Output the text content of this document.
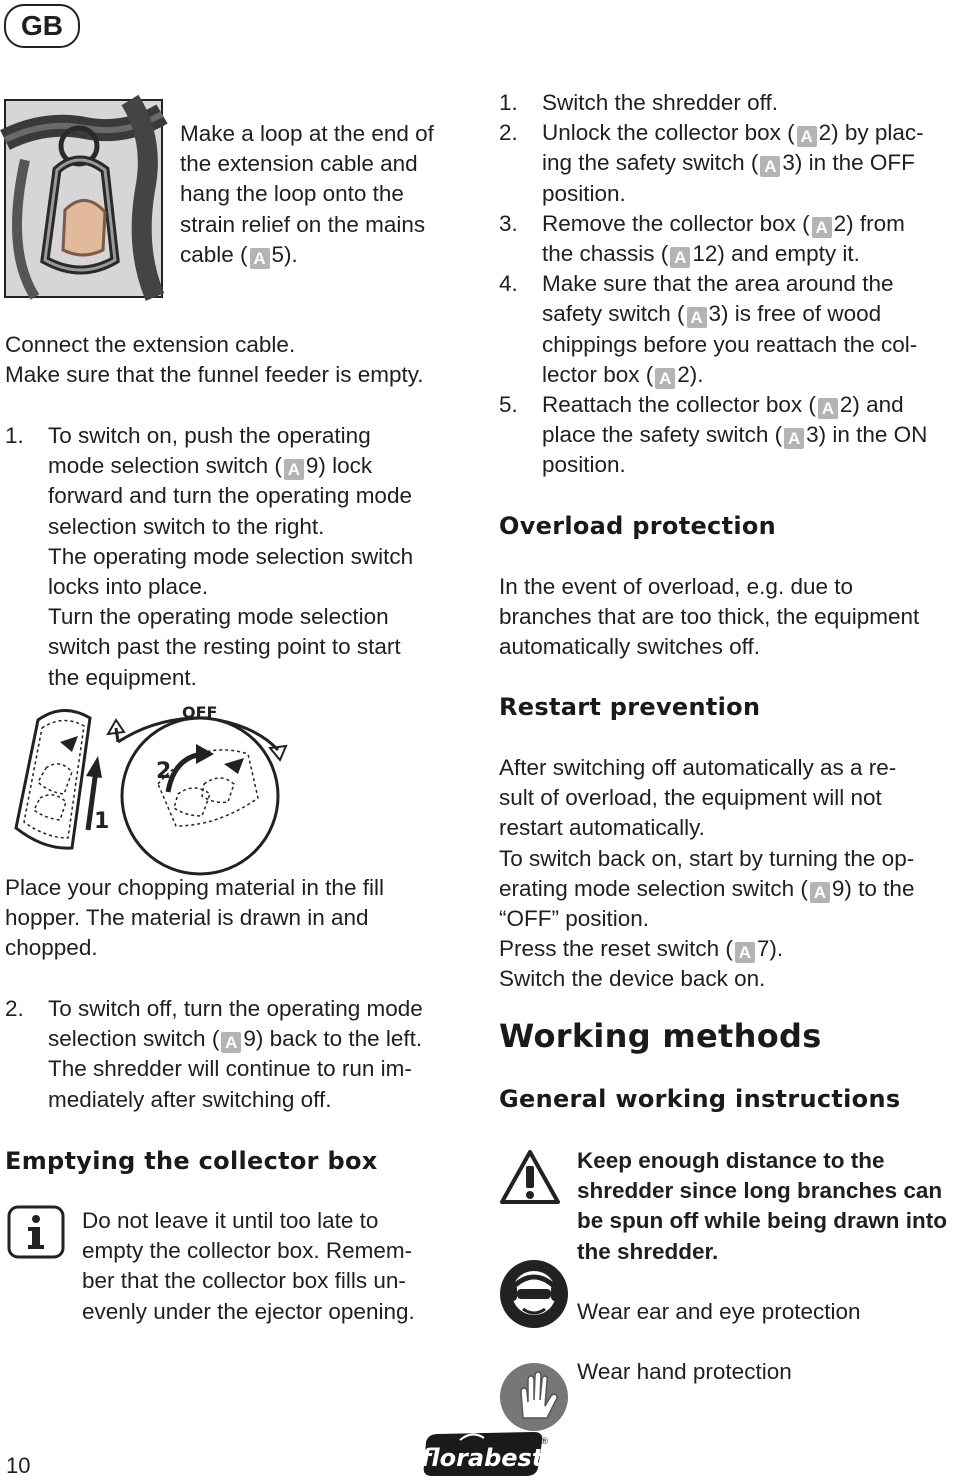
GB
Make a loop at the end of
the extension cable and
hang the loop onto the
strain relief on the mains
cable ( A 5).
Connect the extension cable.
Make sure that the funnel feeder is empty.
1. To switch on, push the operating
mode selection switch ( A 9) lock
forward and turn the operating mode
selection switch to the right.
The operating mode selection switch
locks into place.
Turn the operating mode selection
switch past the resting point to start
the equipment.
1
2
OFF
Place your chopping material in the fill
hopper. The material is drawn in and
chopped.
2. To switch off, turn the operating mode
selection switch ( A 9) back to the left.
The shredder will continue to run im-
mediately after switching off.
Emptying the collector box
Do not leave it until too late to
empty the collector box. Remem-
ber that the collector box fills un-
evenly under the ejector opening.
1. Switch the shredder off.
2. Unlock the collector box ( A 2) by plac-
ing the safety switch ( A 3) in the OFF
position.
3. Remove the collector box ( A 2) from
the chassis ( A 12) and empty it.
4. Make sure that the area around the
safety switch ( A 3) is free of wood
chippings before you reattach the col-
lector box ( A 2).
5. Reattach the collector box ( A 2) and
place the safety switch ( A 3) in the ON
position.
Overload protection
In the event of overload, e.g. due to
branches that are too thick, the equipment
automatically switches off.
Restart prevention
After switching off automatically as a re-
sult of overload, the equipment will not
restart automatically.
To switch back on, start by turning the op-
erating mode selection switch ( A 9) to the
“OFF” position.
Press the reset switch ( A 7).
Switch the device back on.
Working methods
General working instructions
Keep enough distance to the
shredder since long branches can
be spun off while being drawn into
the shredder.
Wear ear and eye protection
Wear hand protection
10	florabest
®
